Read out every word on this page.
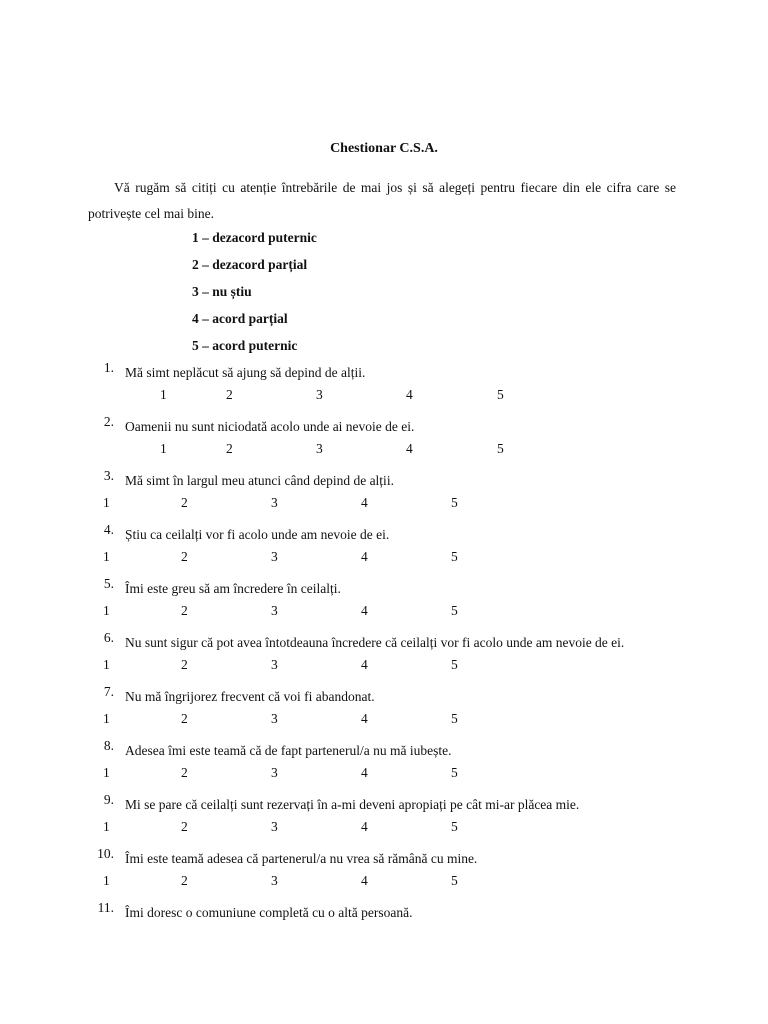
Chestionar C.S.A.
Vă rugăm să citiți cu atenție întrebările de mai jos și să alegeți pentru fiecare din ele cifra care se potrivește cel mai bine.
1 – dezacord puternic
2 – dezacord parțial
3 – nu știu
4 – acord parțial
5 – acord puternic
1. Mă simt neplăcut să ajung să depind de alții.
1	2	3	4	5
2. Oamenii nu sunt niciodată acolo unde ai nevoie de ei.
1	2	3	4	5
3. Mă simt în largul meu atunci când depind de alții.
1	2	3	4	5
4. Știu ca ceilalți vor fi acolo unde am nevoie de ei.
1	2	3	4	5
5. Îmi este greu să am încredere în ceilalți.
1	2	3	4	5
6. Nu sunt sigur că pot avea întotdeauna încredere că ceilalți vor fi acolo unde am nevoie de ei.
1	2	3	4	5
7. Nu mă îngrijorez frecvent că voi fi abandonat.
1	2	3	4	5
8. Adesea îmi este teamă că de fapt partenerul/a nu mă iubește.
1	2	3	4	5
9. Mi se pare că ceilalți sunt rezervați în a-mi deveni apropiați pe cât mi-ar plăcea mie.
1	2	3	4	5
10. Îmi este teamă adesea că partenerul/a nu vrea să rămână cu mine.
1	2	3	4	5
11. Îmi doresc o comuniune completă cu o altă persoană.
